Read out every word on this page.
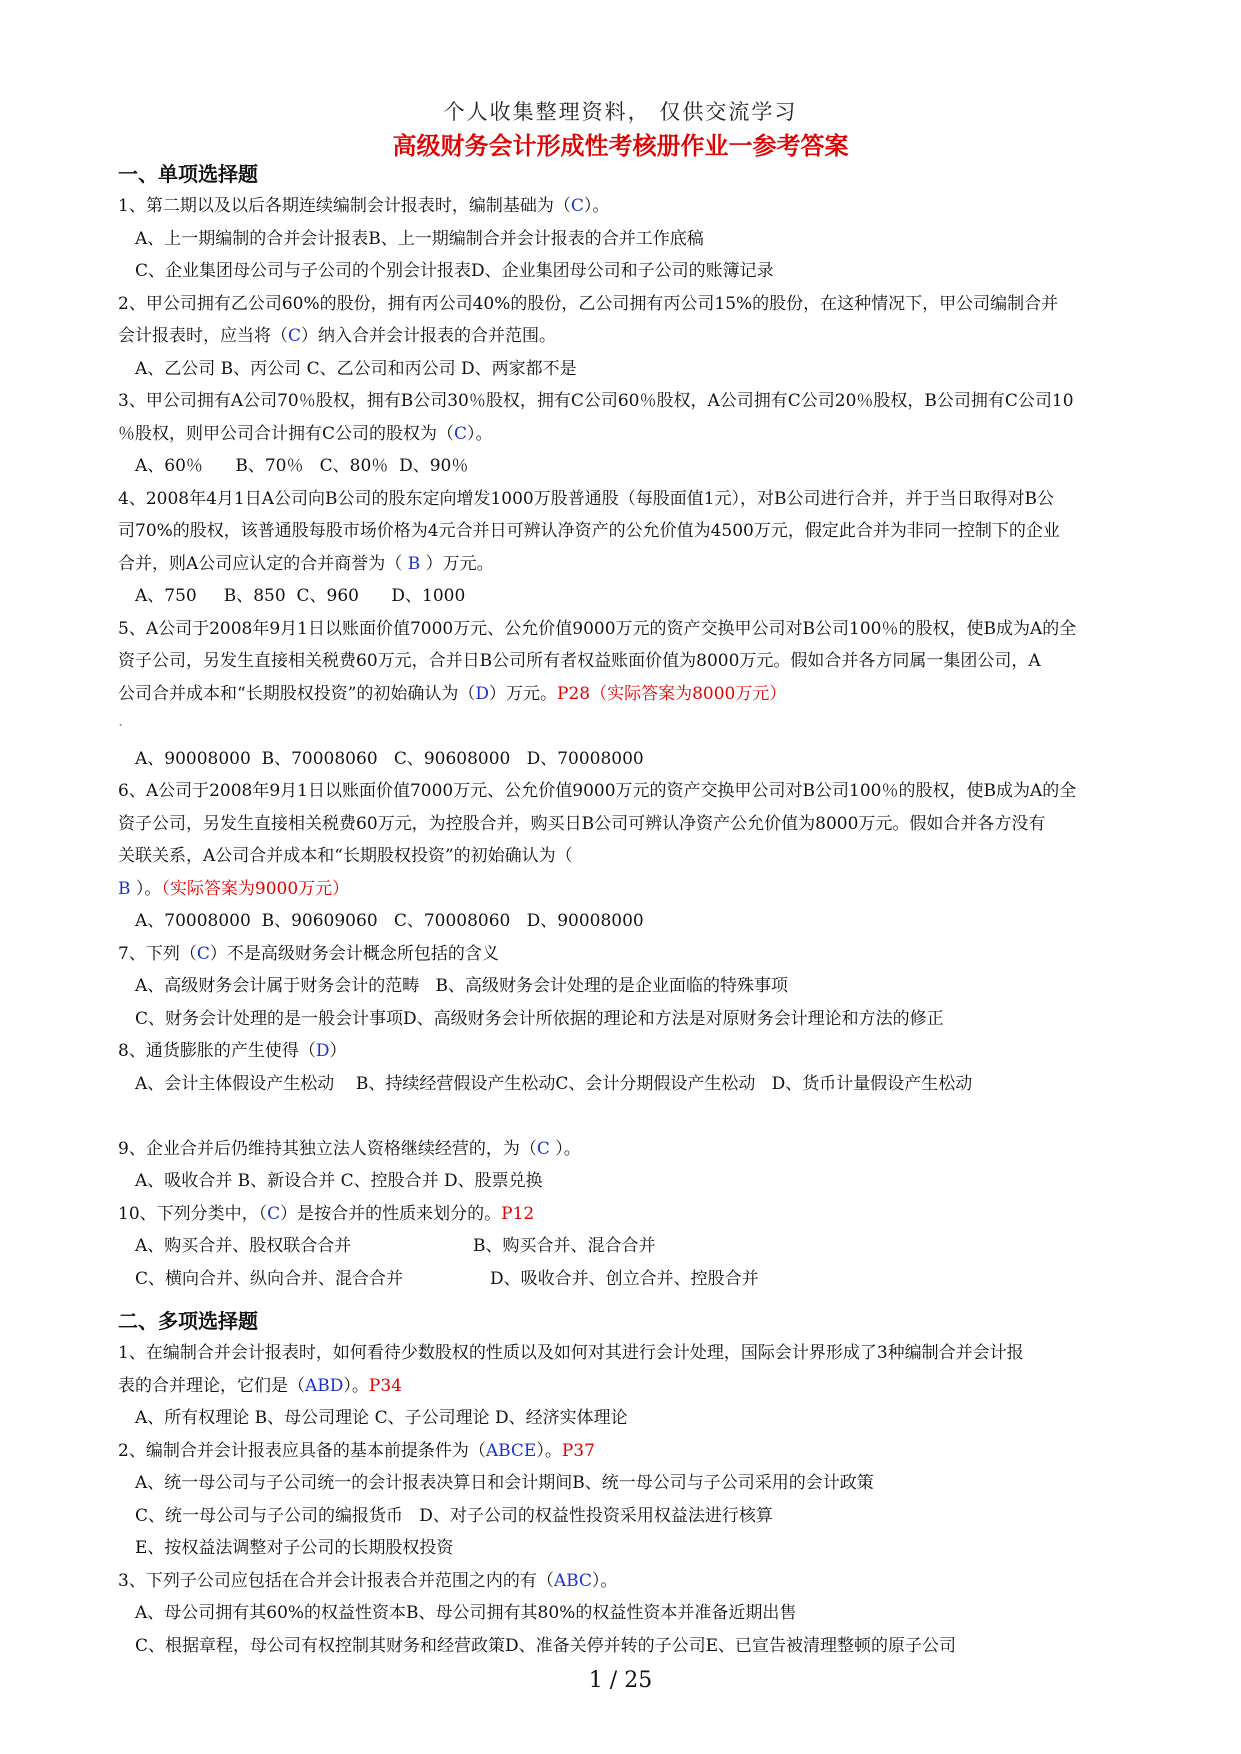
个人收集整理资料， 仅供交流学习
高级财务会计形成性考核册作业一参考答案
一、单项选择题
1、第二期以及以后各期连续编制会计报表时，编制基础为（C）。
A、上一期编制的合并会计报表B、上一期编制合并会计报表的合并工作底稿
C、企业集团母公司与子公司的个别会计报表D、企业集团母公司和子公司的账簿记录
2、甲公司拥有乙公司60%的股份，拥有丙公司40%的股份，乙公司拥有丙公司15%的股份，在这种情况下，甲公司编制合并
会计报表时，应当将（C）纳入合并会计报表的合并范围。
A、乙公司 B、丙公司 C、乙公司和丙公司 D、两家都不是
3、甲公司拥有A公司70％股权，拥有B公司30％股权，拥有C公司60％股权，A公司拥有C公司20％股权，B公司拥有C公司10
％股权，则甲公司合计拥有C公司的股权为（C）。
A、60％      B、70％   C、80％  D、90％
4、2008年4月1日A公司向B公司的股东定向增发1000万股普通股（每股面值1元），对B公司进行合并，并于当日取得对B公
司70%的股权，该普通股每股市场价格为4元合并日可辨认净资产的公允价值为4500万元，假定此合并为非同一控制下的企业
合并，则A公司应认定的合并商誉为（ B ）万元。
A、750     B、850  C、960      D、1000
5、A公司于2008年9月1日以账面价值7000万元、公允价值9000万元的资产交换甲公司对B公司100％的股权，使B成为A的全
资子公司，另发生直接相关税费60万元，合并日B公司所有者权益账面价值为8000万元。假如合并各方同属一集团公司，A
公司合并成本和“长期股权投资”的初始确认为（D）万元。P28（实际答案为8000万元）
·
A、90008000  B、70008060   C、90608000   D、70008000
6、A公司于2008年9月1日以账面价值7000万元、公允价值9000万元的资产交换甲公司对B公司100％的股权，使B成为A的全
资子公司，另发生直接相关税费60万元，为控股合并，购买日B公司可辨认净资产公允价值为8000万元。假如合并各方没有
关联关系，A公司合并成本和“长期股权投资”的初始确认为（
B ）。（实际答案为9000万元）
A、70008000  B、90609060   C、70008060   D、90008000
7、下列（C）不是高级财务会计概念所包括的含义
A、高级财务会计属于财务会计的范畴   B、高级财务会计处理的是企业面临的特殊事项
C、财务会计处理的是一般会计事项D、高级财务会计所依据的理论和方法是对原财务会计理论和方法的修正
8、通货膨胀的产生使得（D）
A、会计主体假设产生松动    B、持续经营假设产生松动C、会计分期假设产生松动   D、货币计量假设产生松动
9、企业合并后仍维持其独立法人资格继续经营的，为（C ）。
A、吸收合并 B、新设合并 C、控股合并 D、股票兑换
10、下列分类中，（C）是按合并的性质来划分的。P12
A、购买合并、股权联合合并	B、购买合并、混合合并
C、横向合并、纵向合并、混合合并	D、吸收合并、创立合并、控股合并
二、多项选择题
1、在编制合并会计报表时，如何看待少数股权的性质以及如何对其进行会计处理，国际会计界形成了3种编制合并会计报
表的合并理论，它们是（ABD）。P34
A、所有权理论 B、母公司理论 C、子公司理论 D、经济实体理论
2、编制合并会计报表应具备的基本前提条件为（ABCE）。P37
A、统一母公司与子公司统一的会计报表决算日和会计期间B、统一母公司与子公司采用的会计政策
C、统一母公司与子公司的编报货币   D、对子公司的权益性投资采用权益法进行核算
E、按权益法调整对子公司的长期股权投资
3、下列子公司应包括在合并会计报表合并范围之内的有（ABC）。
A、母公司拥有其60%的权益性资本B、母公司拥有其80%的权益性资本并准备近期出售
C、根据章程，母公司有权控制其财务和经营政策D、准备关停并转的子公司E、已宣告被清理整顿的原子公司
1 / 25
